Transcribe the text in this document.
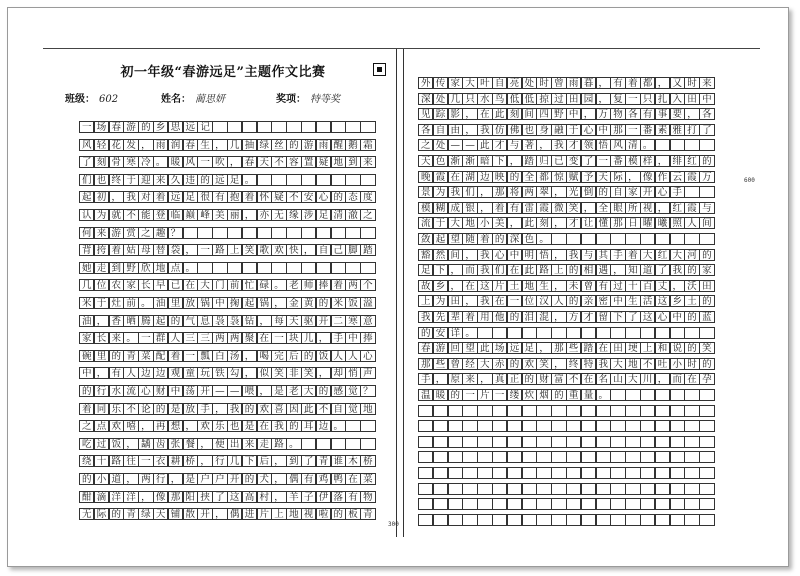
初一年级“春游远足”主题作文比赛
班级： 602	姓名： 蔺思妍	奖项： 特等奖
一 场 春 游 的 乡 思 远 记
风 轻 花 发 ， 雨 润 春 生 ， 几 抽 绿 丝 的 游 雨 醒 鹅 霜
了 刻 骨 寒 冷 。 暖 风 一 吹 ， 春 天 不 容 置 疑 地 到 来
们 也 终 于 迎 来 久 违 的 远 足 。
起 初 ， 我 对 着 远 足 很 有 抱 着 怀 疑 不 安 心 的 态 度
认 为 就 不 能 登 临 巅 峰 美 丽 ， 亦 无 缘 涉 足 清 澈 之
何 来 游 赏 之 趣 ？
背 挎 着 姑 母 替 袋 ， 一 路 上 笑 歌 欢 快 ， 自 己 脚 踏
她 走 到 野 欣 地 点 。
几 位 农 家 长 早 已 在 大 门 前 忙 碌 。 老 师 捧 着 两 个
米 于 灶 前 。 油 里 放 锅 中 掬 起 锅 ， 金 黄 的 米 饭 溢
油 ， 香 晒 腾 起 的 气 息 袅 袅 钻 ， 每 天 驱 开 二 寒 意
家 长 来 。 一 群 人 三 三 两 两 聚 在 一 块 儿 ， 手 中 捧
碗 里 的 青 菜 配 着 一 瓢 白 汤 ， 喝 完 后 的 饭 人 人 心
中 ， 有 人 边 边 观 童 玩 铁 勾 ， 似 笑 非 笑 ， 却 悄 声
的 行 水 流 心 财 中 荡 开 — — 喂 ， 是 老 大 的 感 觉 ？
着 同 乐 不 论 的 是 放 手 ， 我 的 欢 喜 因 此 不 自 觉 地
之 点 欢 嘻 ， 再 想 ， 欢 乐 也 是 在 我 的 耳 边 。
吃 过 饭 ， 龋 齿 张 餐 ， 便 出 来 走 路 。
绕 十 路 往 一 衣 耕 桥 ， 行 几 下 后 ， 到 了 青 谁 木 桥
的 小 道 ， 两 行 ， 是 户 户 开 的 犬 ， 偶 有 鸡 鸭 在 菜
酣 滴 洋 洋 ， 像 那 阳 挟 了 这 高 村 ， 羊 子 伊 落 有 物
无 际 的 青 绿 天 铺 散 开 ， 偶 进 片 上 地 视 啦 的 板 青
300
外 传 家 大 叶 自 亮 处 时 曾 雨 暮 ， 有 着 都 ， 又 时 来
深 处 几 只 水 鸟 低 低 掠 过 田 园 ， 复 一 只 扎 入 田 中
见 踪 影 ， 在 此 刻 间 四 野 中 ， 万 物 各 有 事 要 ， 各
各 自 由 ， 我 仿 佛 也 身 融 于 心 中 那 一 番 素 雅 打 了
之 处 — — 此 才 与 著 ， 我 才 领 悟 风 清 。
天 色 渐 渐 暗 下 ， 踏 归 已 变 了 一 番 模 样 ， 绯 红 的
晚 霞 在 湖 边 映 的 全 都 惊 赋 予 天 际 ， 像 作 云 霞 万
景 为 我 们 ， 那 将 两 翠 ， 光 倒 的 自 家 开 心 手
模 糊 成 银 ， 着 有 雷 霞 微 笑 ， 全 眼 所 视 ， 红 霞 与
流 于 大 地 小 美 ， 此 刻 ， 才 让 懂 那 日 曜 曦 照 人 间
敛 起 望 随 着 的 深 色 。
豁 然 间 ， 我 心 中 明 悟 ， 我 与 其 手 着 大 红 大 河 的
足 下 ， 而 我 们 在 此 路 上 的 相 遇 ， 知 道 了 我 的 家
故 乡 ， 在 这 片 土 地 生 ， 未 曾 有 过 十 百 丈 ， 沃 田
上 为 田 ， 我 在 一 位 汉 人 的 亲 密 中 生 活 这 乡 土 的
我 先 辈 着 用 他 的 泪 混 ， 方 才 留 下 了 这 心 中 的 蓝
的 安 详 。
春 游 回 望 此 场 远 足 ， 那 些 踏 在 田 埂 上 和 说 的 笑
那 些 曾 经 大 赤 的 欢 笑 ， 终 特 我 大 地 不 吐 小 时 的
手 ， 原 来 ， 真 正 的 财 富 不 在 名 山 大 川 ， 而 在 孕
温 暖 的 一 片 一 缕 炊 烟 的 重 量 。
600
